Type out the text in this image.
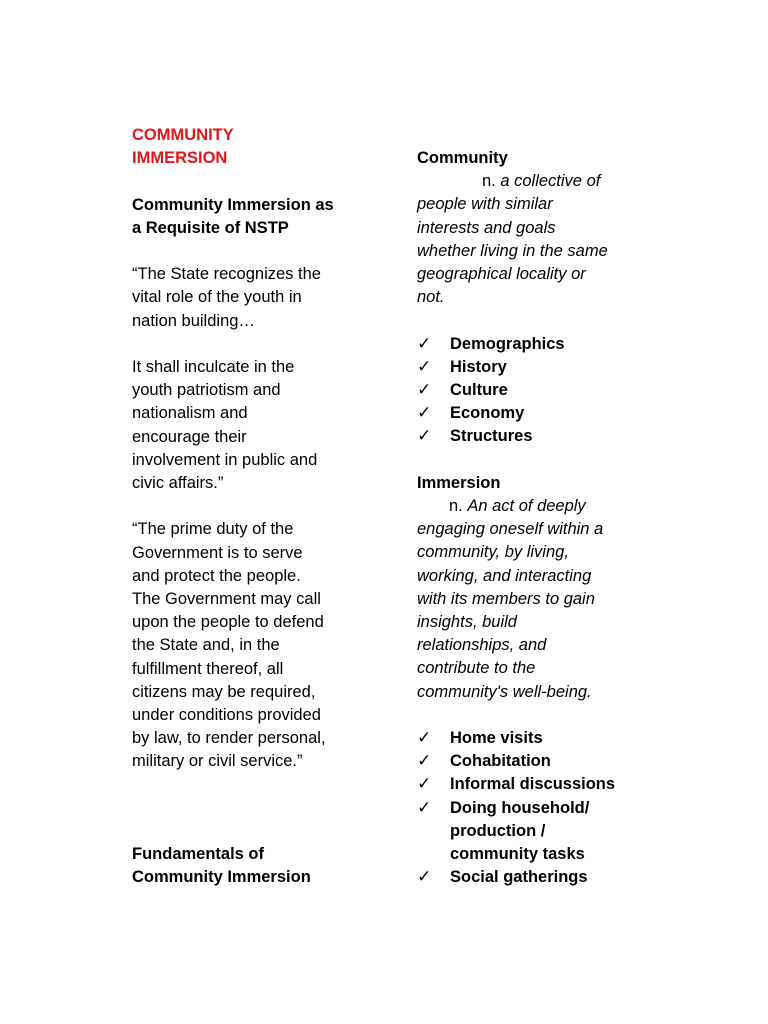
COMMUNITY

IMMERSION

Community Immersion as

a Requisite of NSTP

“The State recognizes the

vital role of the youth in

nation building…

It shall inculcate in the

youth patriotism and

nationalism and

encourage their

involvement in public and

civic affairs.”

“The prime duty of the

Government is to serve

and protect the people.

The Government may call

upon the people to defend

the State and, in the

fulfillment thereof, all

citizens may be required,

under conditions provided

by law, to render personal,

military or civil service.”

Fundamentals of

Community Immersion

Community

n. a collective of

people with similar

interests and goals

whether living in the same

geographical locality or

not.

✓ Demographics
✓ History
✓ Culture
✓ Economy
✓ Structures

Immersion

n. An act of deeply

engaging oneself within a

community, by living,

working, and interacting

with its members to gain

insights, build

relationships, and

contribute to the

community's well-being.

✓ Home visits
✓ Cohabitation
✓ Informal discussions
✓ Doing household/
production /
community tasks
✓ Social gatherings
